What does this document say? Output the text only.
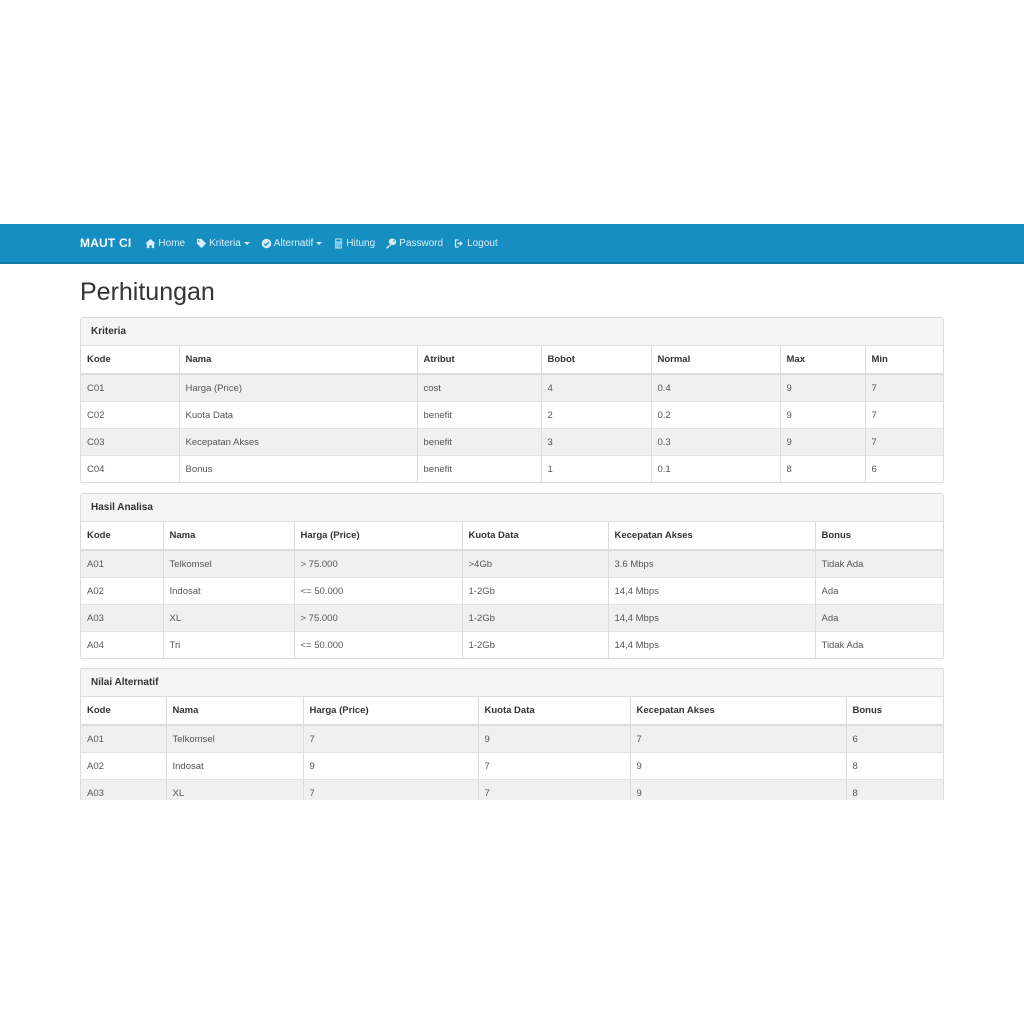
MAUT CI	Home Kriteria	Alternatif	Hitung Password Logout
Perhitungan
Kriteria
Kode	Nama	Atribut	Bobot	Normal	Max	Min
C01	Harga (Price)	cost	4	0.4	9	7
C02	Kuota Data	benefit	2	0.2	9	7
C03	Kecepatan Akses	benefit	3	0.3	9	7
C04	Bonus	benefit	1	0.1	8	6
Hasil Analisa
Kode	Nama	Harga (Price)	Kuota Data	Kecepatan Akses	Bonus
A01	Telkomsel	> 75.000	>4Gb	3.6 Mbps	Tidak Ada
A02	Indosat	<= 50.000	1-2Gb	14,4 Mbps	Ada
A03	XL	> 75.000	1-2Gb	14,4 Mbps	Ada
A04	Tri	<= 50.000	1-2Gb	14,4 Mbps	Tidak Ada
Nilai Alternatif
Kode	Nama	Harga (Price)	Kuota Data	Kecepatan Akses	Bonus
A01	Telkomsel	7	9	7	6
A02	Indosat	9	7	9	8
A03	XL	7	7	9	8
